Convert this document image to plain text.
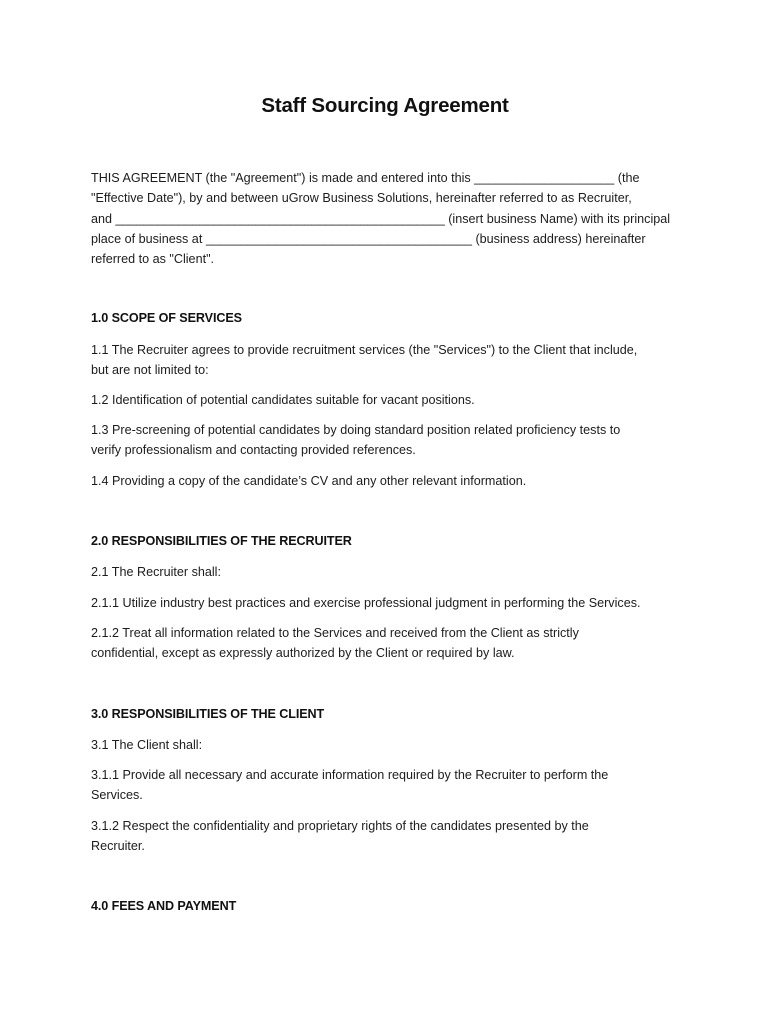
Staff Sourcing Agreement
THIS AGREEMENT (the "Agreement") is made and entered into this ____________________ (the
"Effective Date"), by and between uGrow Business Solutions, hereinafter referred to as Recruiter,
and _______________________________________________ (insert business Name) with its principal
place of business at ______________________________________ (business address) hereinafter
referred to as "Client".
1.0 SCOPE OF SERVICES
1.1 The Recruiter agrees to provide recruitment services (the "Services") to the Client that include,
but are not limited to:
1.2 Identification of potential candidates suitable for vacant positions.
1.3 Pre-screening of potential candidates by doing standard position related proficiency tests to
verify professionalism and contacting provided references.
1.4 Providing a copy of the candidate’s CV and any other relevant information.
2.0 RESPONSIBILITIES OF THE RECRUITER
2.1 The Recruiter shall:
2.1.1 Utilize industry best practices and exercise professional judgment in performing the Services.
2.1.2 Treat all information related to the Services and received from the Client as strictly
confidential, except as expressly authorized by the Client or required by law.
3.0 RESPONSIBILITIES OF THE CLIENT
3.1 The Client shall:
3.1.1 Provide all necessary and accurate information required by the Recruiter to perform the
Services.
3.1.2 Respect the confidentiality and proprietary rights of the candidates presented by the
Recruiter.
4.0 FEES AND PAYMENT
